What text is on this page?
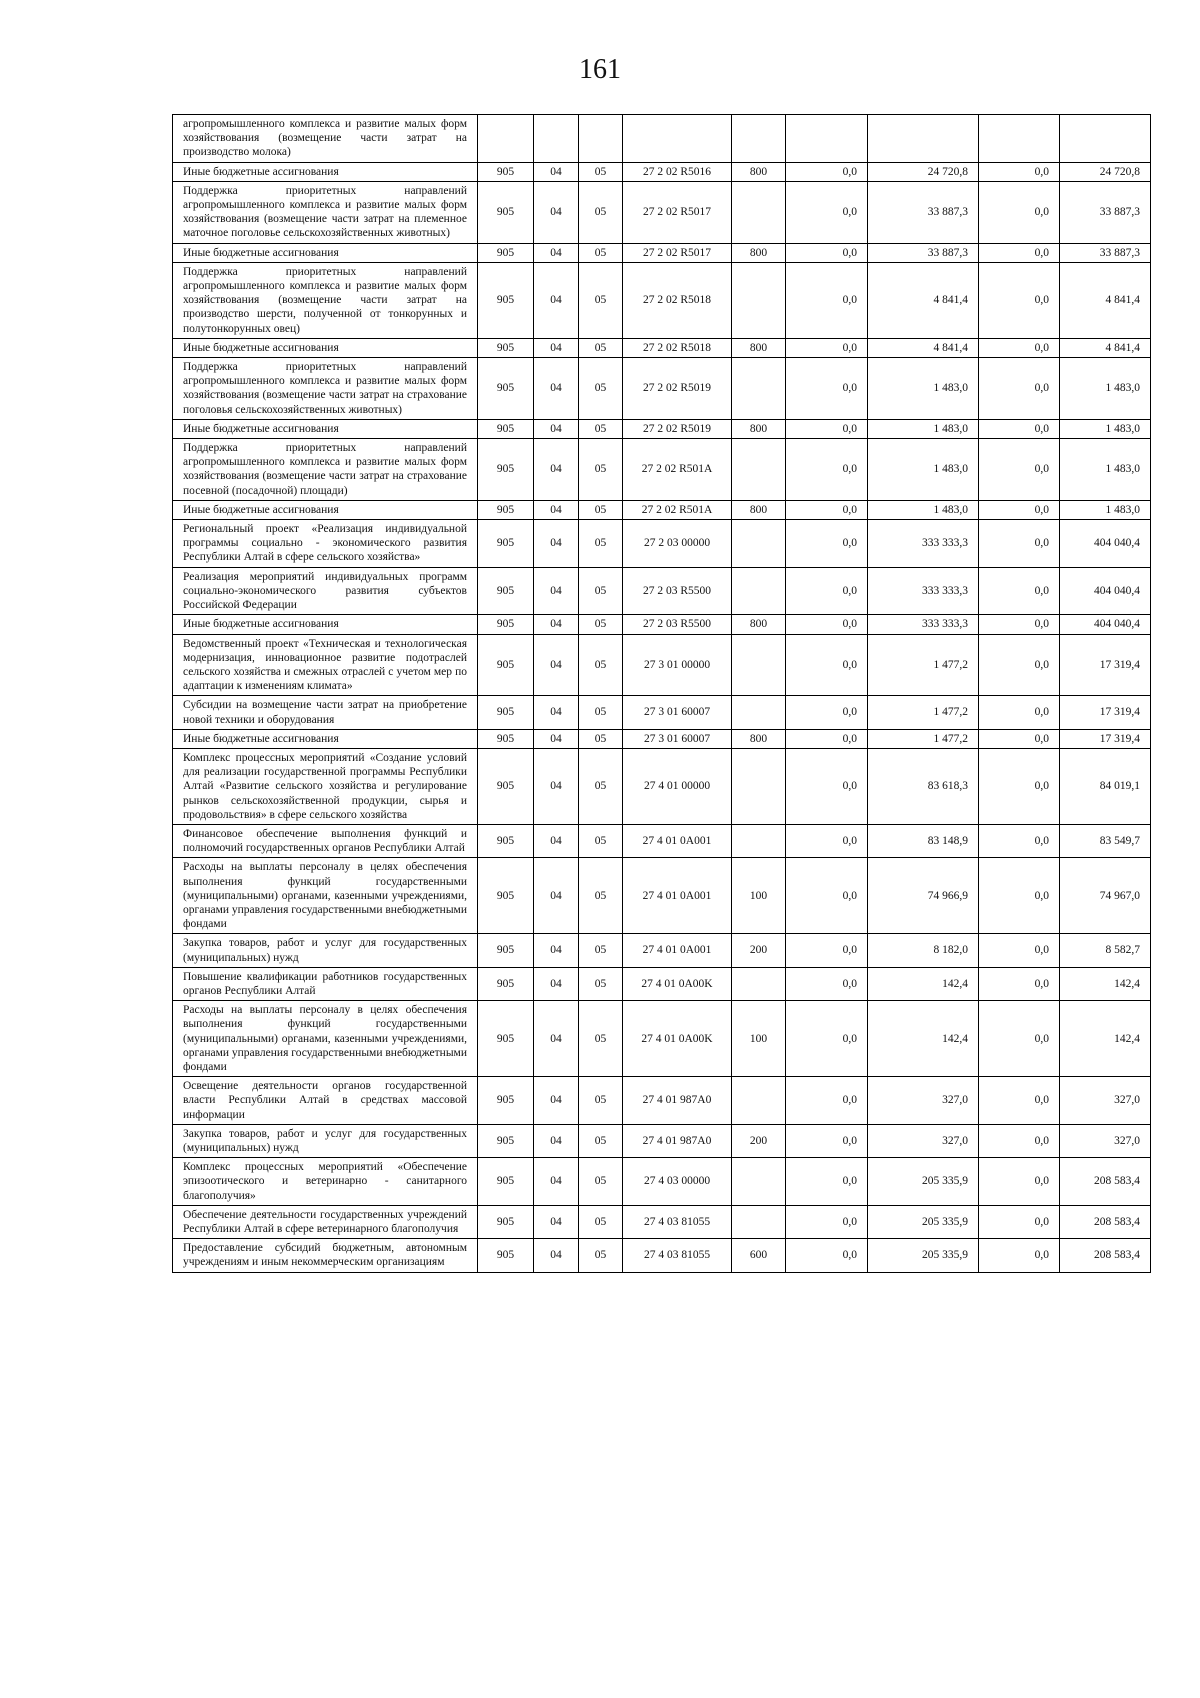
161
агропромышленного комплекса и развитие малых форм хозяйствования (возмещение части затрат на производство молока)									
Иные бюджетные ассигнования	905	04	05	27 2 02 R5016	800	0,0	24 720,8	0,0	24 720,8
Поддержка приоритетных направлений агропромышленного комплекса и развитие малых форм хозяйствования (возмещение части затрат на племенное маточное поголовье сельскохозяйственных животных)	905	04	05	27 2 02 R5017		0,0	33 887,3	0,0	33 887,3
Иные бюджетные ассигнования	905	04	05	27 2 02 R5017	800	0,0	33 887,3	0,0	33 887,3
Поддержка приоритетных направлений агропромышленного комплекса и развитие малых форм хозяйствования (возмещение части затрат на производство шерсти, полученной от тонкорунных и полутонкорунных овец)	905	04	05	27 2 02 R5018		0,0	4 841,4	0,0	4 841,4
Иные бюджетные ассигнования	905	04	05	27 2 02 R5018	800	0,0	4 841,4	0,0	4 841,4
Поддержка приоритетных направлений агропромышленного комплекса и развитие малых форм хозяйствования (возмещение части затрат на страхование поголовья сельскохозяйственных животных)	905	04	05	27 2 02 R5019		0,0	1 483,0	0,0	1 483,0
Иные бюджетные ассигнования	905	04	05	27 2 02 R5019	800	0,0	1 483,0	0,0	1 483,0
Поддержка приоритетных направлений агропромышленного комплекса и развитие малых форм хозяйствования (возмещение части затрат на страхование посевной (посадочной) площади)	905	04	05	27 2 02 R501A		0,0	1 483,0	0,0	1 483,0
Иные бюджетные ассигнования	905	04	05	27 2 02 R501A	800	0,0	1 483,0	0,0	1 483,0
Региональный проект «Реализация индивидуальной программы социально - экономического развития Республики Алтай в сфере сельского хозяйства»	905	04	05	27 2 03 00000		0,0	333 333,3	0,0	404 040,4
Реализация мероприятий индивидуальных программ социально-экономического развития субъектов Российской Федерации	905	04	05	27 2 03 R5500		0,0	333 333,3	0,0	404 040,4
Иные бюджетные ассигнования	905	04	05	27 2 03 R5500	800	0,0	333 333,3	0,0	404 040,4
Ведомственный проект «Техническая и технологическая модернизация, инновационное развитие подотраслей сельского хозяйства и смежных отраслей с учетом мер по адаптации к изменениям климата»	905	04	05	27 3 01 00000		0,0	1 477,2	0,0	17 319,4
Субсидии на возмещение части затрат на приобретение новой техники и оборудования	905	04	05	27 3 01 60007		0,0	1 477,2	0,0	17 319,4
Иные бюджетные ассигнования	905	04	05	27 3 01 60007	800	0,0	1 477,2	0,0	17 319,4
Комплекс процессных мероприятий «Создание условий для реализации государственной программы Республики Алтай «Развитие сельского хозяйства и регулирование рынков сельскохозяйственной продукции, сырья и продовольствия» в сфере сельского хозяйства	905	04	05	27 4 01 00000		0,0	83 618,3	0,0	84 019,1
Финансовое обеспечение выполнения функций и полномочий государственных органов Республики Алтай	905	04	05	27 4 01 0A001		0,0	83 148,9	0,0	83 549,7
Расходы на выплаты персоналу в целях обеспечения выполнения функций государственными (муниципальными) органами, казенными учреждениями, органами управления государственными внебюджетными фондами	905	04	05	27 4 01 0A001	100	0,0	74 966,9	0,0	74 967,0
Закупка товаров, работ и услуг для государственных (муниципальных) нужд	905	04	05	27 4 01 0A001	200	0,0	8 182,0	0,0	8 582,7
Повышение квалификации работников государственных органов Республики Алтай	905	04	05	27 4 01 0A00K		0,0	142,4	0,0	142,4
Расходы на выплаты персоналу в целях обеспечения выполнения функций государственными (муниципальными) органами, казенными учреждениями, органами управления государственными внебюджетными фондами	905	04	05	27 4 01 0A00K	100	0,0	142,4	0,0	142,4
Освещение деятельности органов государственной власти Республики Алтай в средствах массовой информации	905	04	05	27 4 01 987A0		0,0	327,0	0,0	327,0
Закупка товаров, работ и услуг для государственных (муниципальных) нужд	905	04	05	27 4 01 987A0	200	0,0	327,0	0,0	327,0
Комплекс процессных мероприятий «Обеспечение эпизоотического и ветеринарно - санитарного благополучия»	905	04	05	27 4 03 00000		0,0	205 335,9	0,0	208 583,4
Обеспечение деятельности государственных учреждений Республики Алтай в сфере ветеринарного благополучия	905	04	05	27 4 03 81055		0,0	205 335,9	0,0	208 583,4
Предоставление субсидий бюджетным, автономным учреждениям и иным некоммерческим организациям	905	04	05	27 4 03 81055	600	0,0	205 335,9	0,0	208 583,4
